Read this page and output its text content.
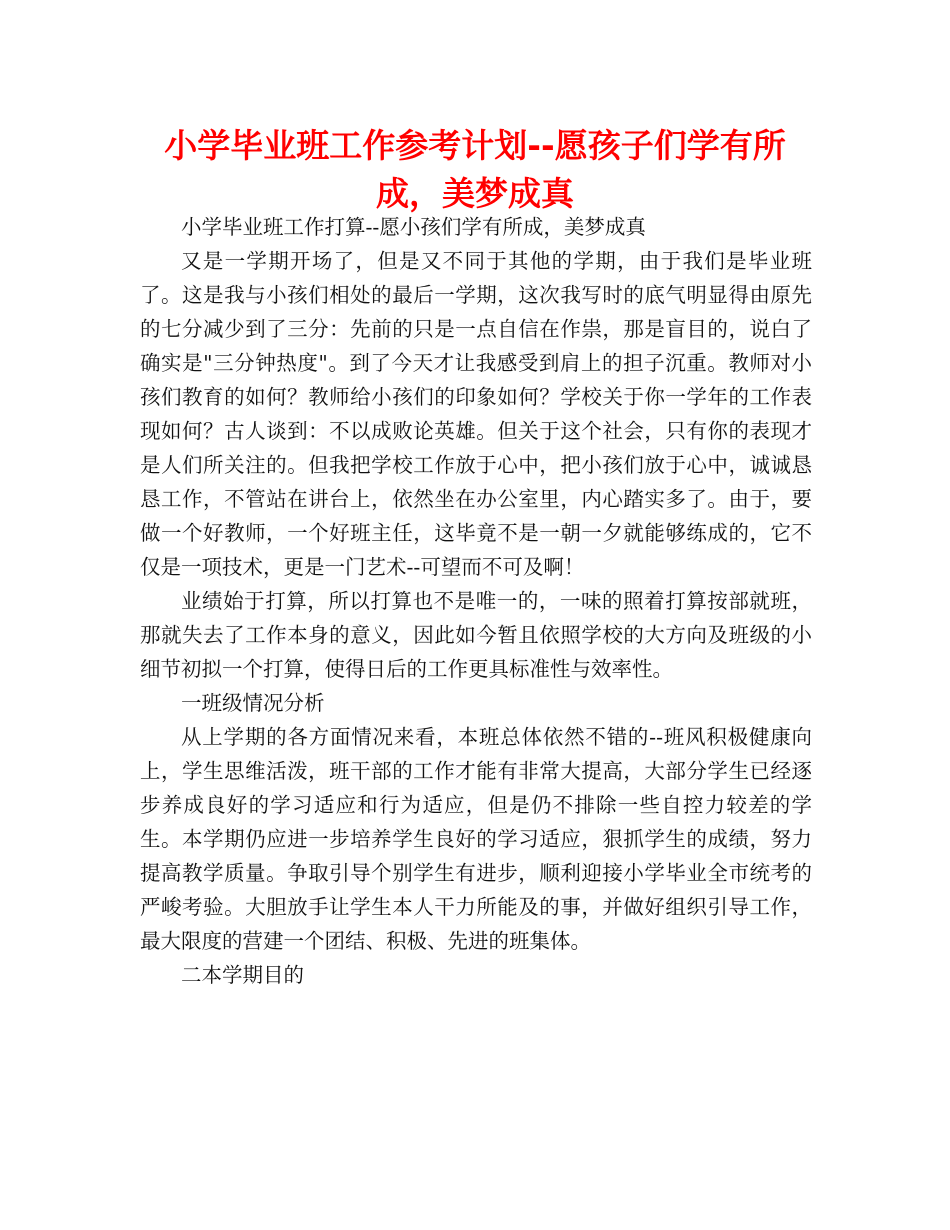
小学毕业班工作参考计划--愿孩子们学有所成，美梦成真

小学毕业班工作打算--愿小孩们学有所成，美梦成真

又是一学期开场了，但是又不同于其他的学期，由于我们是毕业班了。这是我与小孩们相处的最后一学期，这次我写时的底气明显得由原先的七分减少到了三分：先前的只是一点自信在作祟，那是盲目的，说白了确实是"三分钟热度"。到了今天才让我感受到肩上的担子沉重。教师对小孩们教育的如何？教师给小孩们的印象如何？学校关于你一学年的工作表现如何？古人谈到：不以成败论英雄。但关于这个社会，只有你的表现才是人们所关注的。但我把学校工作放于心中，把小孩们放于心中，诚诚恳恳工作，不管站在讲台上，依然坐在办公室里，内心踏实多了。由于，要做一个好教师，一个好班主任，这毕竟不是一朝一夕就能够练成的，它不仅是一项技术，更是一门艺术--可望而不可及啊！

业绩始于打算，所以打算也不是唯一的，一味的照着打算按部就班，那就失去了工作本身的意义，因此如今暂且依照学校的大方向及班级的小细节初拟一个打算，使得日后的工作更具标准性与效率性。

一班级情况分析

从上学期的各方面情况来看，本班总体依然不错的--班风积极健康向上，学生思维活泼，班干部的工作才能有非常大提高，大部分学生已经逐步养成良好的学习适应和行为适应，但是仍不排除一些自控力较差的学生。本学期仍应进一步培养学生良好的学习适应，狠抓学生的成绩，努力提高教学质量。争取引导个别学生有进步，顺利迎接小学毕业全市统考的严峻考验。大胆放手让学生本人干力所能及的事，并做好组织引导工作，最大限度的营建一个团结、积极、先进的班集体。

二本学期目的
